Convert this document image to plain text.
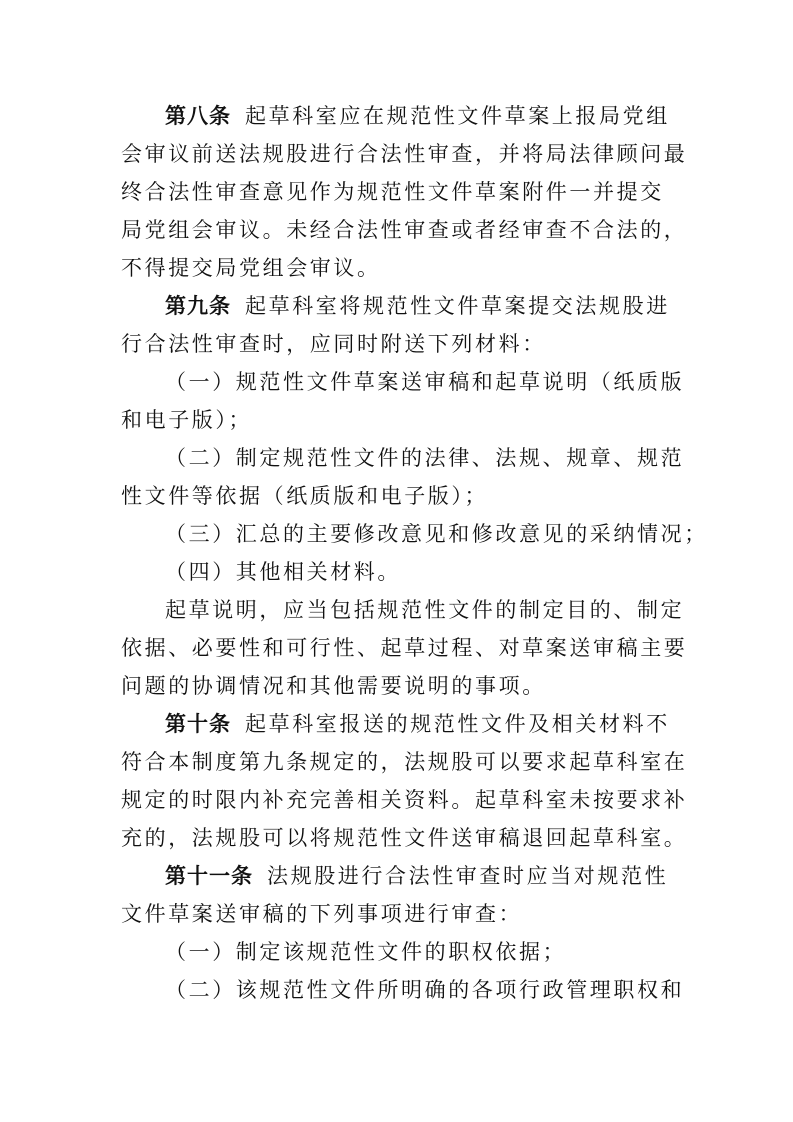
第八条 起草科室应在规范性文件草案上报局党组
会审议前送法规股进行合法性审查，并将局法律顾问最
终合法性审查意见作为规范性文件草案附件一并提交
局党组会审议。未经合法性审查或者经审查不合法的，
不得提交局党组会审议。
第九条 起草科室将规范性文件草案提交法规股进
行合法性审查时，应同时附送下列材料：
（一）规范性文件草案送审稿和起草说明（纸质版
和电子版）；
（二）制定规范性文件的法律、法规、规章、规范
性文件等依据（纸质版和电子版）；
（三）汇总的主要修改意见和修改意见的采纳情况；
（四）其他相关材料。
起草说明，应当包括规范性文件的制定目的、制定
依据、必要性和可行性、起草过程、对草案送审稿主要
问题的协调情况和其他需要说明的事项。
第十条 起草科室报送的规范性文件及相关材料不
符合本制度第九条规定的，法规股可以要求起草科室在
规定的时限内补充完善相关资料。起草科室未按要求补
充的，法规股可以将规范性文件送审稿退回起草科室。
第十一条 法规股进行合法性审查时应当对规范性
文件草案送审稿的下列事项进行审查：
（一）制定该规范性文件的职权依据；
（二）该规范性文件所明确的各项行政管理职权和
